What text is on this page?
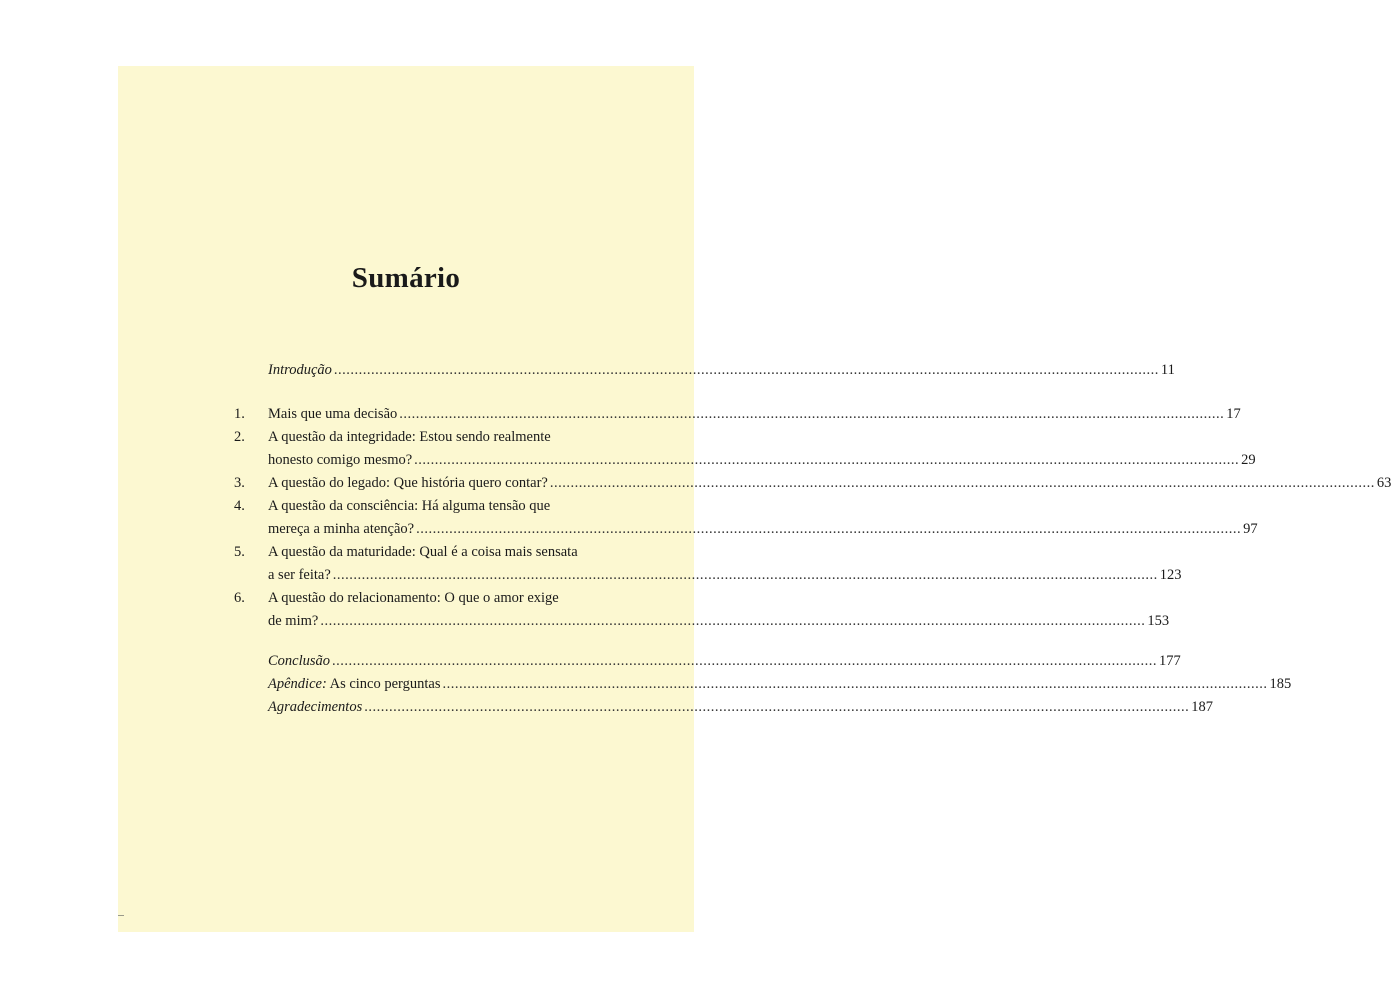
Sumário
Introdução ........................................................................................................................................................................................................ 11
1.	Mais que uma decisão ........................................................................................................................................................................................................ 17
2.	A questão da integridade: Estou sendo realmente
honesto comigo mesmo? ........................................................................................................................................................................................................ 29
3.	A questão do legado: Que história quero contar? ........................................................................................................................................................................................................ 63
4.	A questão da consciência: Há alguma tensão que
mereça a minha atenção? ........................................................................................................................................................................................................ 97
5.	A questão da maturidade: Qual é a coisa mais sensata
a ser feita? ........................................................................................................................................................................................................ 123
6.	A questão do relacionamento: O que o amor exige
de mim? ........................................................................................................................................................................................................ 153
Conclusão ........................................................................................................................................................................................................ 177
Apêndice: As cinco perguntas ........................................................................................................................................................................................................ 185
Agradecimentos ........................................................................................................................................................................................................ 187
